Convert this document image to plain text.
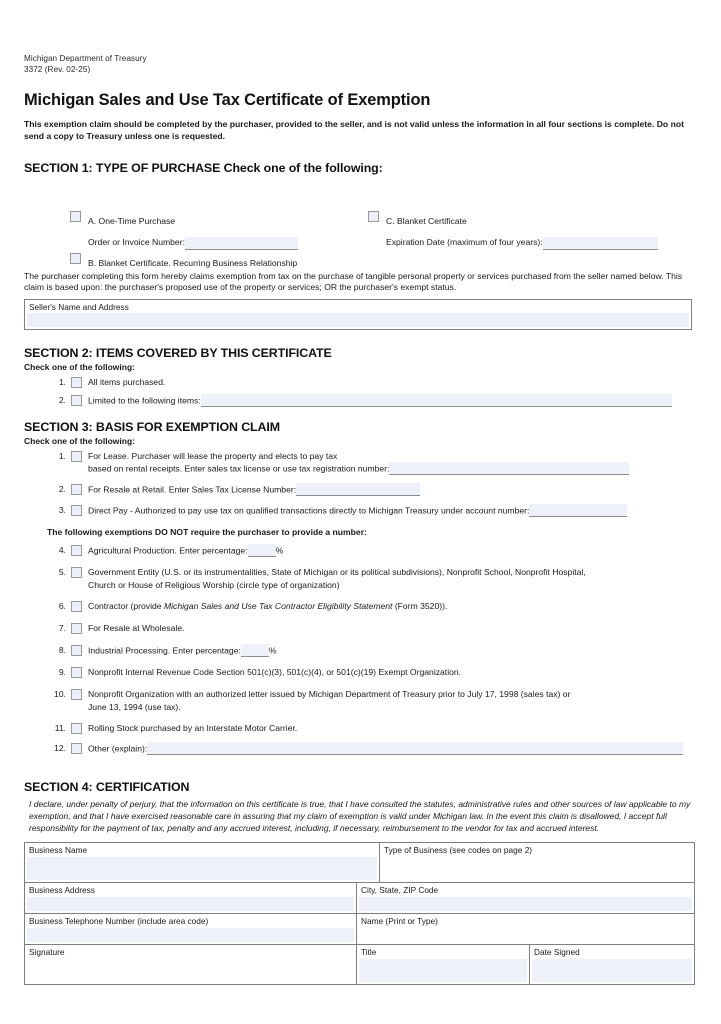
Michigan Department of Treasury
3372 (Rev. 02-25)
Michigan Sales and Use Tax Certificate of Exemption
This exemption claim should be completed by the purchaser, provided to the seller, and is not valid unless the information in all four sections is complete. Do not send a copy to Treasury unless one is requested.
SECTION 1: TYPE OF PURCHASE Check one of the following:
A. One-Time Purchase
Order or Invoice Number:
C. Blanket Certificate
Expiration Date (maximum of four years):
B. Blanket Certificate. Recurring Business Relationship
The purchaser completing this form hereby claims exemption from tax on the purchase of tangible personal property or services purchased from the seller named below. This claim is based upon: the purchaser's proposed use of the property or services; OR the purchaser's exempt status.
Seller's Name and Address
SECTION 2: ITEMS COVERED BY THIS CERTIFICATE
Check one of the following:
1.	All items purchased.
2.	Limited to the following items:
SECTION 3: BASIS FOR EXEMPTION CLAIM
Check one of the following:
1.	For Lease. Purchaser will lease the property and elects to pay tax
based on rental receipts. Enter sales tax license or use tax registration number:
2.	For Resale at Retail. Enter Sales Tax License Number:
3.	Direct Pay - Authorized to pay use tax on qualified transactions directly to Michigan Treasury under account number:
The following exemptions DO NOT require the purchaser to provide a number:
4.	Agricultural Production. Enter percentage:	%
5.	Government Entity (U.S. or its instrumentalities, State of Michigan or its political subdivisions), Nonprofit School, Nonprofit Hospital,
Church or House of Religious Worship (circle type of organization)
6.	Contractor (provide Michigan Sales and Use Tax Contractor Eligibility Statement (Form 3520)).
7.	For Resale at Wholesale.
8.	Industrial Processing. Enter percentage:	%
9.	Nonprofit Internal Revenue Code Section 501(c)(3), 501(c)(4), or 501(c)(19) Exempt Organization.
10.	Nonprofit Organization with an authorized letter issued by Michigan Department of Treasury prior to July 17, 1998 (sales tax) or
June 13, 1994 (use tax).
11.	Rolling Stock purchased by an Interstate Motor Carrier.
12.	Other (explain):
SECTION 4: CERTIFICATION
I declare, under penalty of perjury, that the information on this certificate is true, that I have consulted the statutes, administrative rules and other sources of law applicable to my exemption, and that I have exercised reasonable care in assuring that my claim of exemption is valid under Michigan law. In the event this claim is disallowed, I accept full responsibility for the payment of tax, penalty and any accrued interest, including, if necessary, reimbursement to the vendor for tax and accrued interest.
Business Name		Type of Business (see codes on page 2)	

Business Address	City, State, ZIP Code		

Business Telephone Number (include area code)	Name (Print or Type)		

Signature	Title		Date Signed
